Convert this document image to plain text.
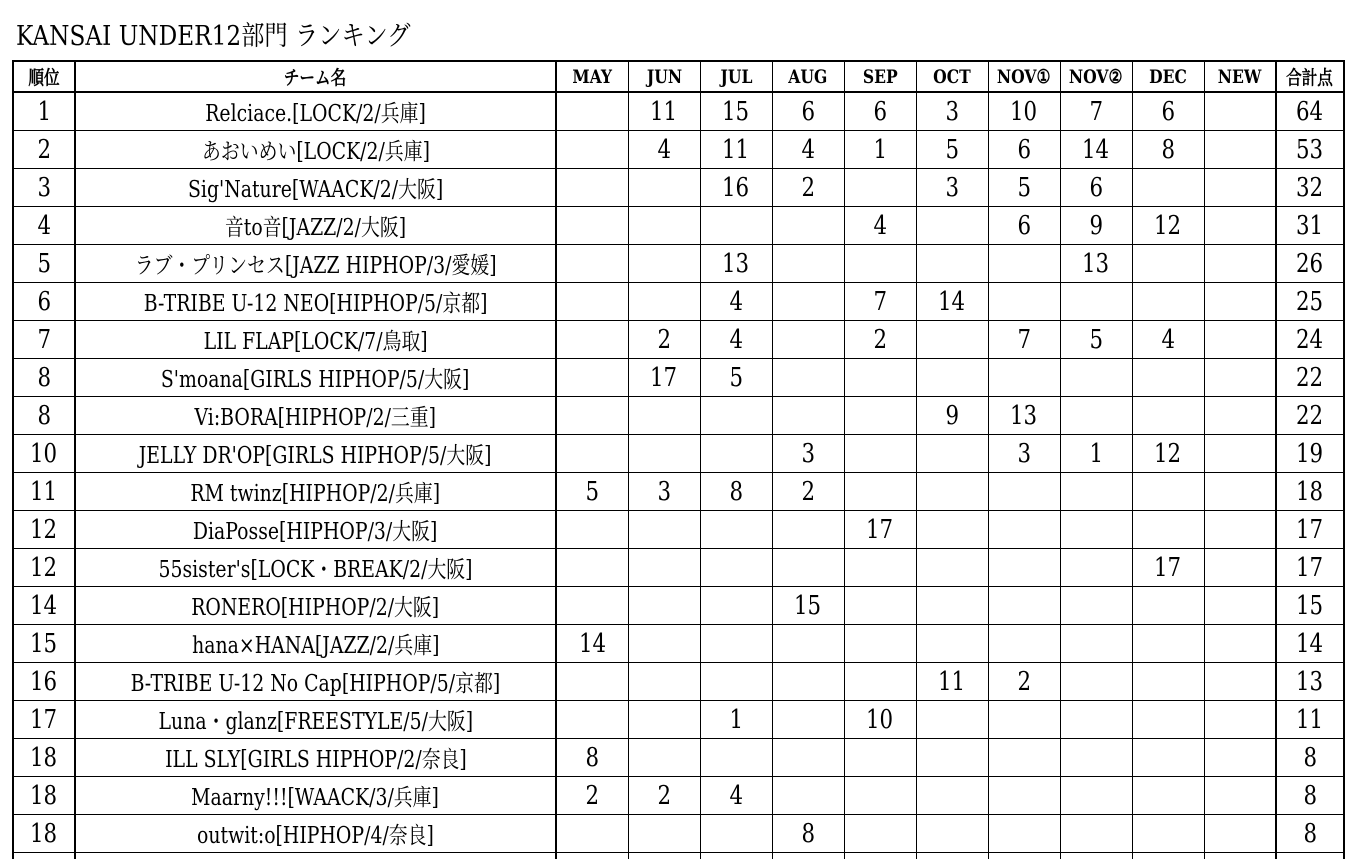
KANSAI UNDER12部門 ランキング
順位	チーム名	MAY	JUN	JUL	AUG	SEP	OCT	NOV①	NOV②	DEC	NEW	合計点
1	Relciace.[LOCK/2/兵庫]		11	15	6	6	3	10	7	6		64
2	あおいめい[LOCK/2/兵庫]		4	11	4	1	5	6	14	8		53
3	Sig'Nature[WAACK/2/大阪]			16	2		3	5	6			32
4	音to音[JAZZ/2/大阪]					4		6	9	12		31
5	ラブ・プリンセス[JAZZ HIPHOP/3/愛媛]			13					13			26
6	B-TRIBE U-12 NEO[HIPHOP/5/京都]			4		7	14					25
7	LIL FLAP[LOCK/7/鳥取]		2	4		2		7	5	4		24
8	S'moana[GIRLS HIPHOP/5/大阪]		17	5								22
8	Vi:BORA[HIPHOP/2/三重]						9	13				22
10	JELLY DR'OP[GIRLS HIPHOP/5/大阪]				3			3	1	12		19
11	RM twinz[HIPHOP/2/兵庫]	5	3	8	2							18
12	DiaPosse[HIPHOP/3/大阪]					17						17
12	55sister's[LOCK・BREAK/2/大阪]									17		17
14	RONERO[HIPHOP/2/大阪]				15							15
15	hana×HANA[JAZZ/2/兵庫]	14										14
16	B-TRIBE U-12 No Cap[HIPHOP/5/京都]						11	2				13
17	Luna・glanz[FREESTYLE/5/大阪]			1		10						11
18	ILL SLY[GIRLS HIPHOP/2/奈良]	8										8
18	Maarny!!![WAACK/3/兵庫]	2	2	4								8
18	outwit:o[HIPHOP/4/奈良]				8							8
